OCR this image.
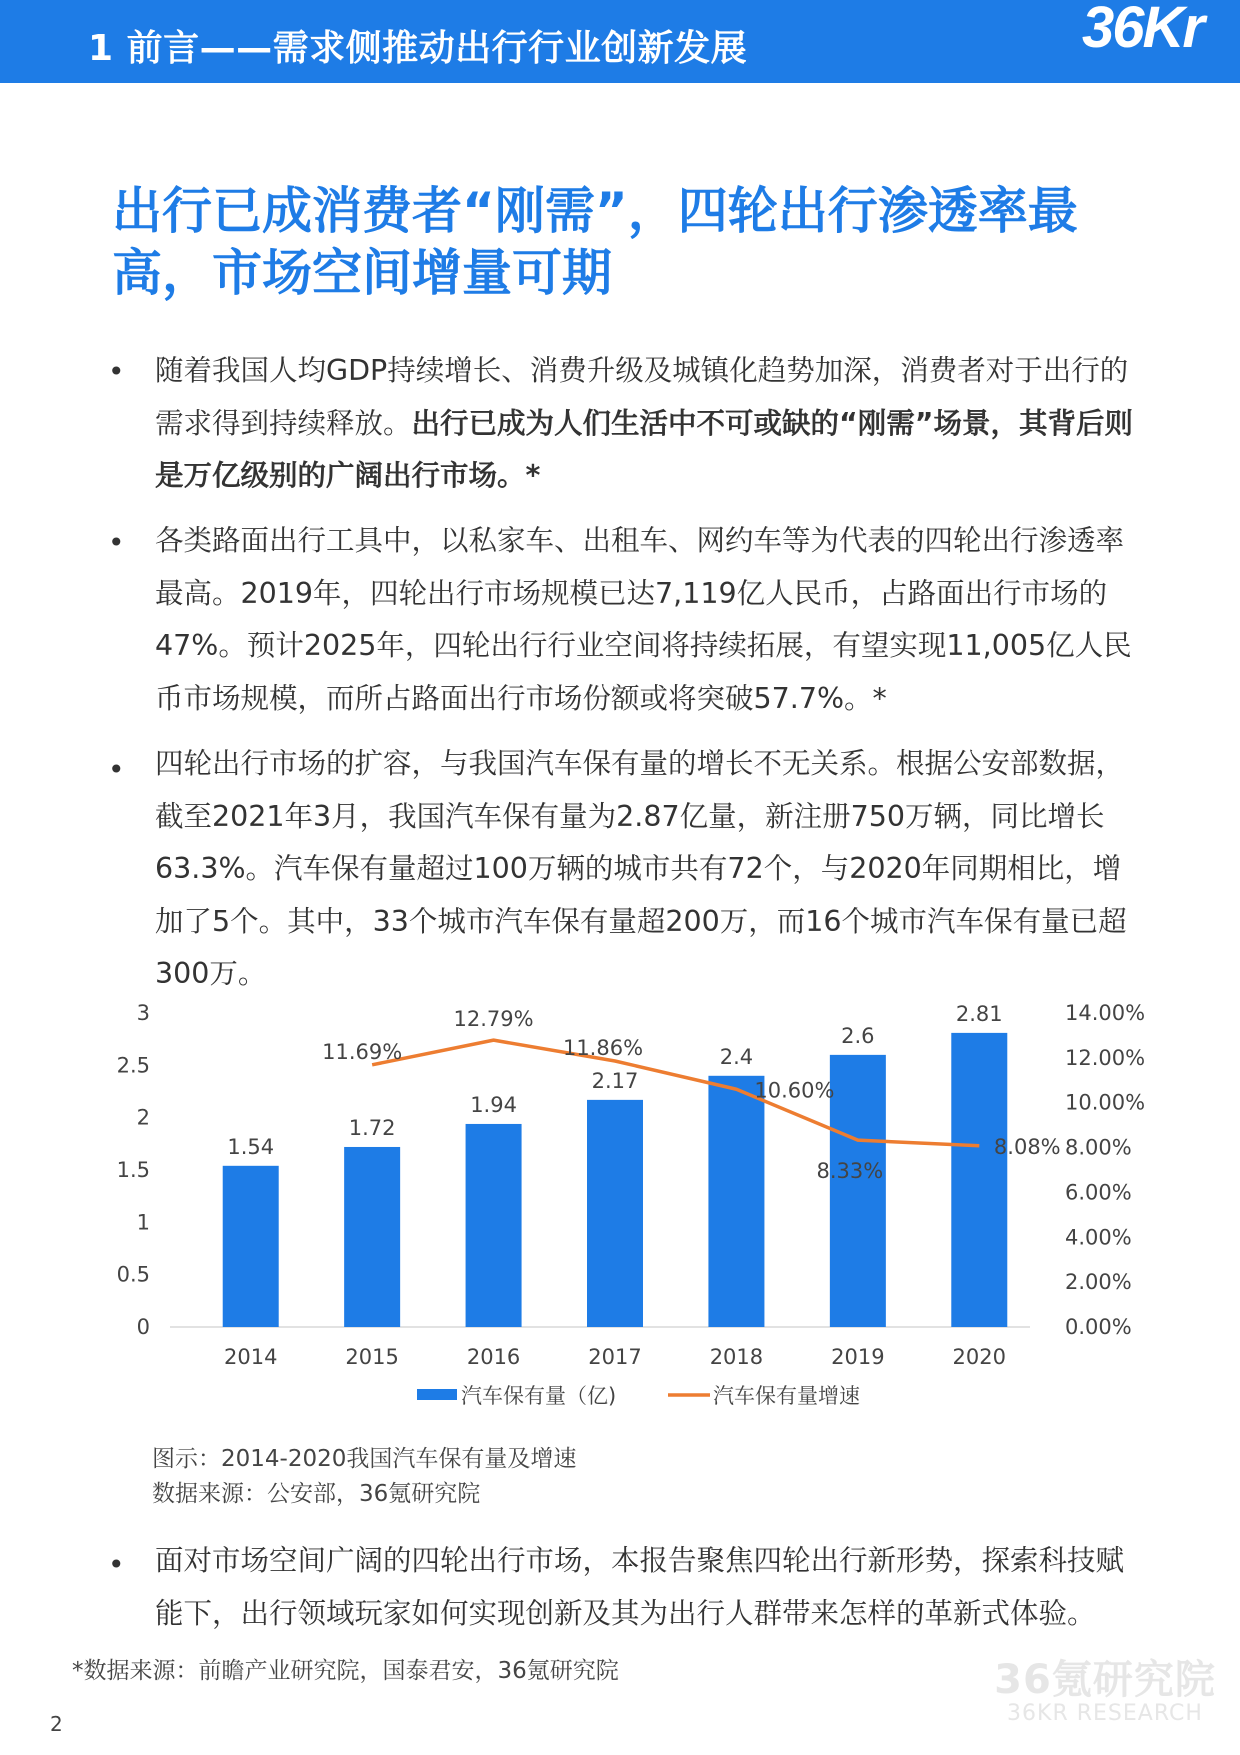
1 前言——需求侧推动出行行业创新发展	36Kr
出行已成消费者“刚需”，四轮出行渗透率最
高，市场空间增量可期
• 随着我国人均GDP持续增长、消费升级及城镇化趋势加深，消费者对于出行的需求得到持续释放。出行已成为人们生活中不可或缺的“刚需”场景，其背后则是万亿级别的广阔出行市场。*
• 各类路面出行工具中，以私家车、出租车、网约车等为代表的四轮出行渗透率最高。2019年，四轮出行市场规模已达7,119亿人民币，占路面出行市场的47%。预计2025年，四轮出行行业空间将持续拓展，有望实现11,005亿人民币市场规模，而所占路面出行市场份额或将突破57.7%。*
• 四轮出行市场的扩容，与我国汽车保有量的增长不无关系。根据公安部数据，截至2021年3月，我国汽车保有量为2.87亿量，新注册750万辆，同比增长63.3%。汽车保有量超过100万辆的城市共有72个，与2020年同期相比，增加了5个。其中，33个城市汽车保有量超200万，而16个城市汽车保有量已超300万。
0
0.5
1
1.5
2
2.5
3
0.00%
2.00%
4.00%
6.00%
8.00%
10.00%
12.00%
14.00%
1.54
1.72
1.94
2.17
2.4
2.6
2.81
2014	2015	2016	2017	2018	2019	2020
11.69%
12.79%
11.86%
10.60%
8.33%
8.08%
汽车保有量（亿)	汽车保有量增速
图示：2014-2020我国汽车保有量及增速
数据来源：公安部，36氪研究院
• 面对市场空间广阔的四轮出行市场，本报告聚焦四轮出行新形势，探索科技赋能下，出行领域玩家如何实现创新及其为出行人群带来怎样的革新式体验。
*数据来源：前瞻产业研究院，国泰君安，36氪研究院
2
36氪研究院
36KR RESEARCH
